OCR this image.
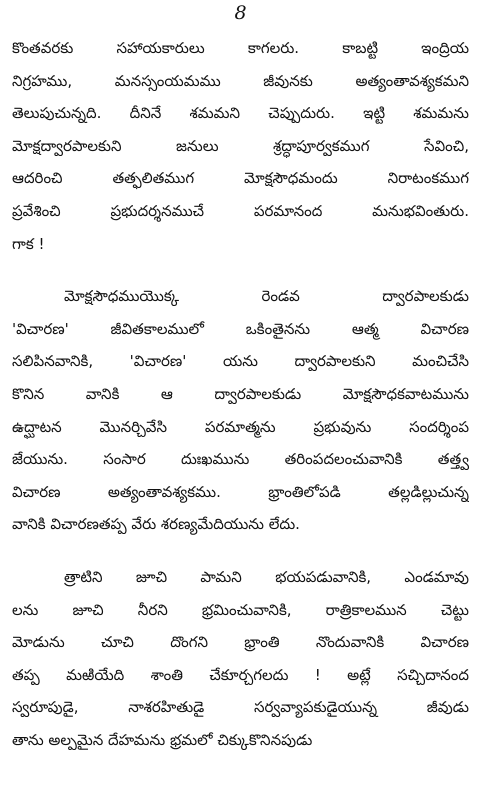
8
కొంతవరకు సహాయకారులు కాగలరు. కాబట్టి ఇంద్రియ
నిగ్రహము, మనస్సంయమము జీవునకు అత్యంతావశ్యకమని
తెలుపుచున్నది. దీనినే శమమని చెప్పుదురు. ఇట్టి శమమను
మోక్షద్వారపాలకుని జనులు శ్రద్ధాపూర్వకముగ సేవించి,
ఆదరించి తత్ఫలితముగ మోక్షసౌధమందు నిరాటంకముగ
ప్రవేశించి ప్రభుదర్శనముచే పరమానంద మనుభవింతురు.
గాక !
మోక్షసౌధముయొక్క రెండవ ద్వారపాలకుడు
'విచారణ' జీవితకాలములో ఒకింతైనను ఆత్మ విచారణ
సలిపినవానికి, 'విచారణ' యను ద్వారపాలకుని మంచిచేసి
కొనిన వానికి ఆ ద్వారపాలకుడు మోక్షసౌధకవాటమును
ఉద్ఘాటన మొనర్చివేసి పరమాత్మను ప్రభువును సందర్శింప
జేయును. సంసార దుఃఖమును తరింపదలంచువానికి తత్త్వ
విచారణ అత్యంతావశ్యకము. భ్రాంతిలోపడి తల్లడిల్లుచున్న
వానికి విచారణతప్ప వేరు శరణ్యమేదియును లేదు.
త్రాటిని జూచి పామని భయపడువానికి, ఎండమావు
లను జూచి నీరని భ్రమించువానికి, రాత్రికాలమున చెట్టు
మోడును చూచి దొంగని భ్రాంతి నొందువానికి విచారణ
తప్ప మఱియేది శాంతి చేకూర్చగలదు ! అట్లే సచ్చిదానంద
స్వరూపుడై, నాశరహితుడై సర్వవ్యాపకుడైయున్న జీవుడు
తాను అల్పమైన దేహమను భ్రమలో చిక్కుకొనినపుడు
